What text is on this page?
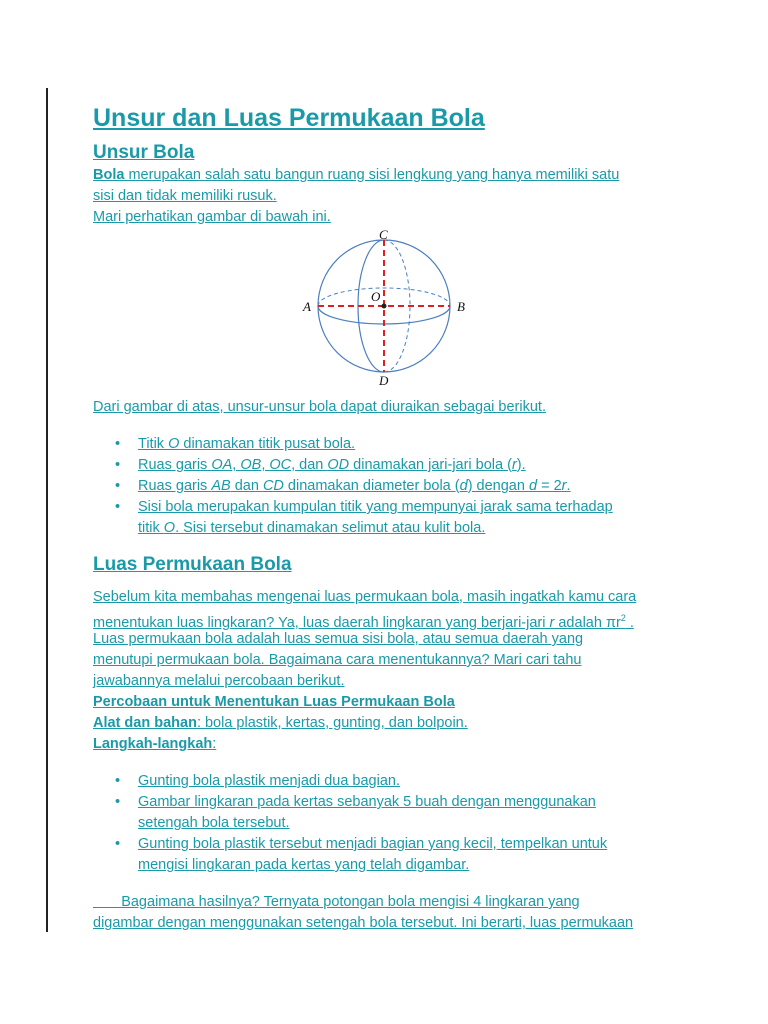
Unsur dan Luas Permukaan Bola
Unsur Bola
Bola merupakan salah satu bangun ruang sisi lengkung yang hanya memiliki satu
sisi dan tidak memiliki rusuk.
Mari perhatikan gambar di bawah ini.
Dari gambar di atas, unsur-unsur bola dapat diuraikan sebagai berikut.
•	Titik O dinamakan titik pusat bola.
•	Ruas garis OA, OB, OC, dan OD dinamakan jari-jari bola (r).
•	Ruas garis AB dan CD dinamakan diameter bola (d) dengan d = 2r.
•	Sisi bola merupakan kumpulan titik yang mempunyai jarak sama terhadap
titik O. Sisi tersebut dinamakan selimut atau kulit bola.
Luas Permukaan Bola
Sebelum kita membahas mengenai luas permukaan bola, masih ingatkah kamu cara
menentukan luas lingkaran? Ya, luas daerah lingkaran yang berjari-jari r adalah $\pi r^2$ .
Luas permukaan bola adalah luas semua sisi bola, atau semua daerah yang
menutupi permukaan bola. Bagaimana cara menentukannya? Mari cari tahu
jawabannya melalui percobaan berikut.
Percobaan untuk Menentukan Luas Permukaan Bola
Alat dan bahan: bola plastik, kertas, gunting, dan bolpoin.
Langkah-langkah:
•	Gunting bola plastik menjadi dua bagian.
•	Gambar lingkaran pada kertas sebanyak 5 buah dengan menggunakan
setengah bola tersebut.
•	Gunting bola plastik tersebut menjadi bagian yang kecil, tempelkan untuk
mengisi lingkaran pada kertas yang telah digambar.
Bagaimana hasilnya? Ternyata potongan bola mengisi 4 lingkaran yang
digambar dengan menggunakan setengah bola tersebut. Ini berarti, luas permukaan
C
O
A	B
D
